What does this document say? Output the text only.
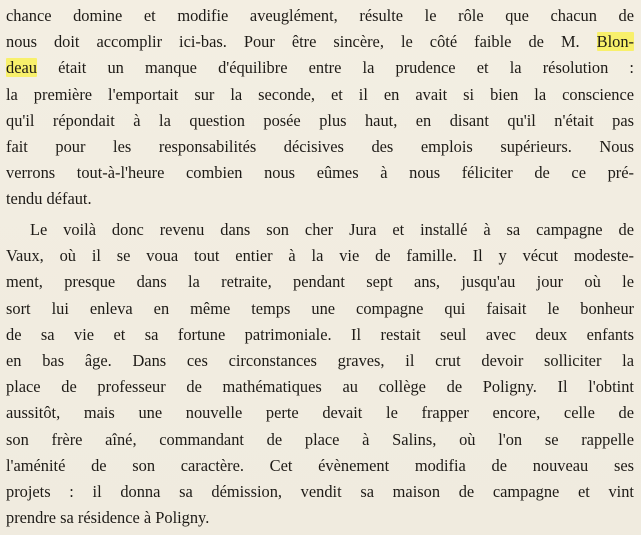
chance domine et modifie aveuglément, résulte le rôle que chacun de
nous doit accomplir ici-bas. Pour être sincère, le côté faible de M. Blon-
deau était un manque d'équilibre entre la prudence et la résolution :
la première l'emportait sur la seconde, et il en avait si bien la conscience
qu'il répondait à la question posée plus haut, en disant qu'il n'était pas
fait pour les responsabilités décisives des emplois supérieurs. Nous
verrons tout-à-l'heure combien nous eûmes à nous féliciter de ce pré-
tendu défaut.
Le voilà donc revenu dans son cher Jura et installé à sa campagne de
Vaux, où il se voua tout entier à la vie de famille. Il y vécut modeste-
ment, presque dans la retraite, pendant sept ans, jusqu'au jour où le
sort lui enleva en même temps une compagne qui faisait le bonheur
de sa vie et sa fortune patrimoniale. Il restait seul avec deux enfants
en bas âge. Dans ces circonstances graves, il crut devoir solliciter la
place de professeur de mathématiques au collège de Poligny. Il l'obtint
aussitôt, mais une nouvelle perte devait le frapper encore, celle de
son frère aîné, commandant de place à Salins, où l'on se rappelle
l'aménité de son caractère. Cet évènement modifia de nouveau ses
projets : il donna sa démission, vendit sa maison de campagne et vint
prendre sa résidence à Poligny.
